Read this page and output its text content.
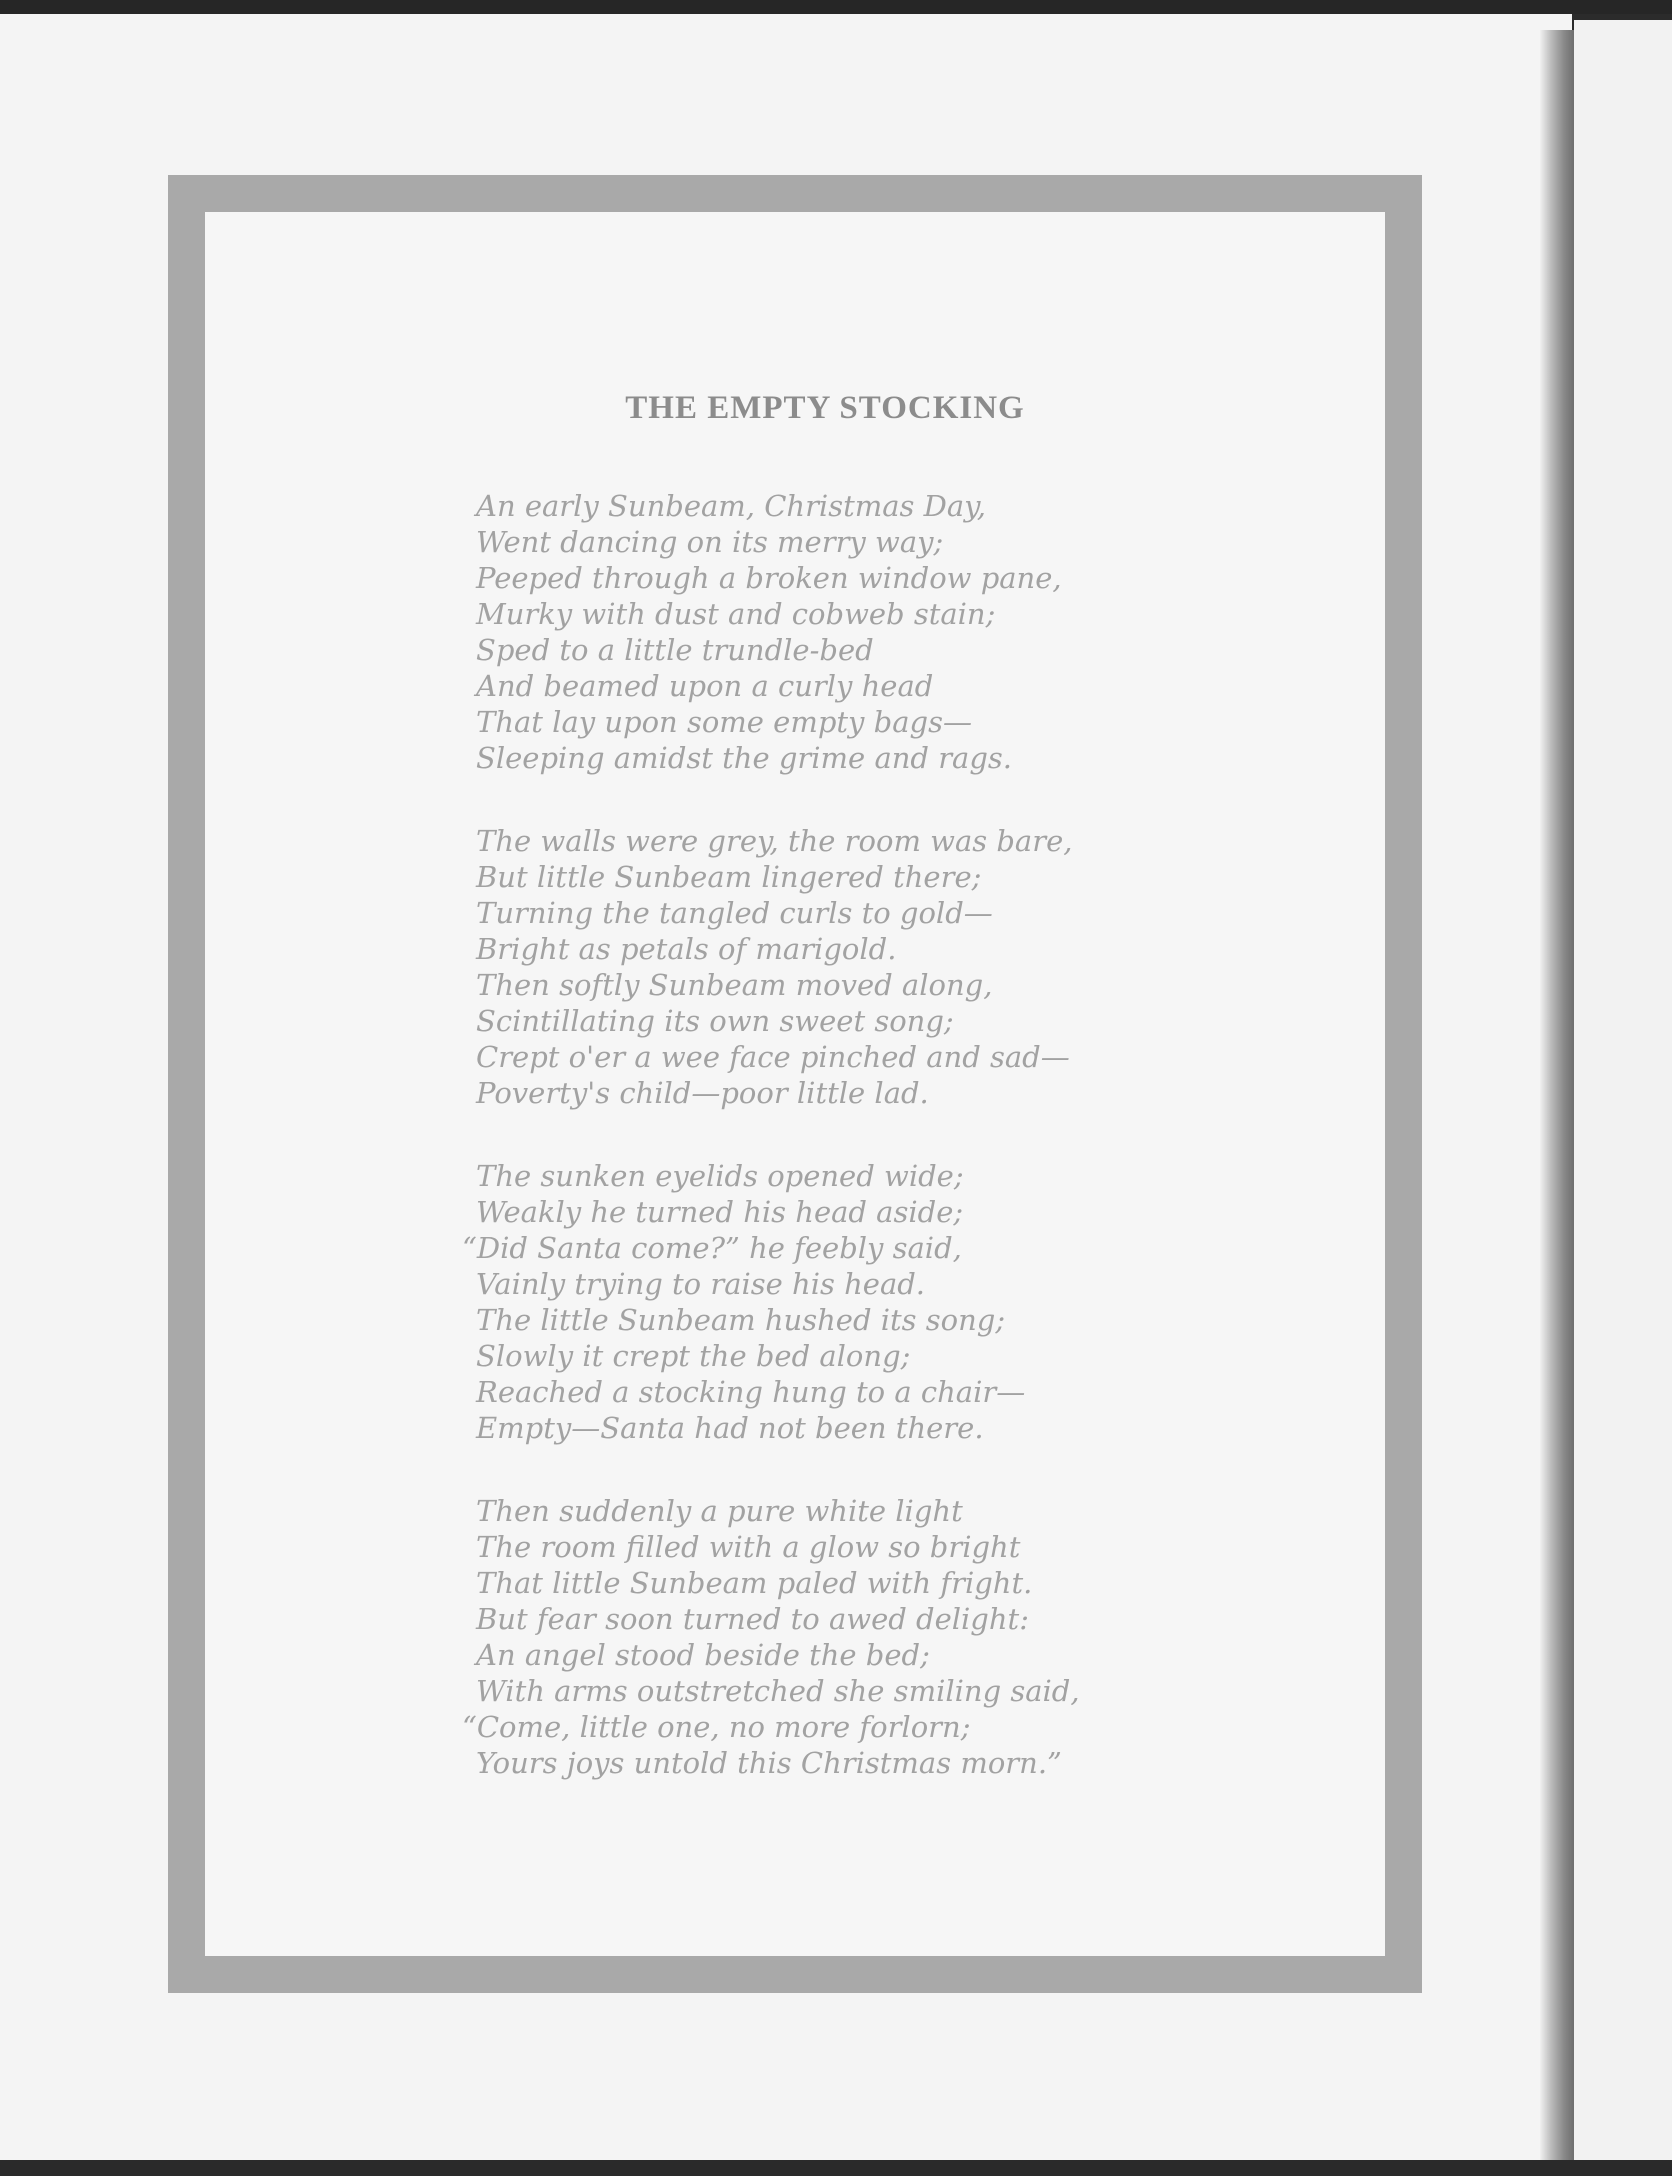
THE EMPTY STOCKING
An early Sunbeam, Christmas Day,
Went dancing on its merry way;
Peeped through a broken window pane,
Murky with dust and cobweb stain;
Sped to a little trundle-bed
And beamed upon a curly head
That lay upon some empty bags—
Sleeping amidst the grime and rags.
The walls were grey, the room was bare,
But little Sunbeam lingered there;
Turning the tangled curls to gold—
Bright as petals of marigold.
Then softly Sunbeam moved along,
Scintillating its own sweet song;
Crept o'er a wee face pinched and sad—
Poverty's child—poor little lad.
The sunken eyelids opened wide;
Weakly he turned his head aside;
“Did Santa come?” he feebly said,
Vainly trying to raise his head.
The little Sunbeam hushed its song;
Slowly it crept the bed along;
Reached a stocking hung to a chair—
Empty—Santa had not been there.
Then suddenly a pure white light
The room filled with a glow so bright
That little Sunbeam paled with fright.
But fear soon turned to awed delight:
An angel stood beside the bed;
With arms outstretched she smiling said,
“Come, little one, no more forlorn;
Yours joys untold this Christmas morn.”
